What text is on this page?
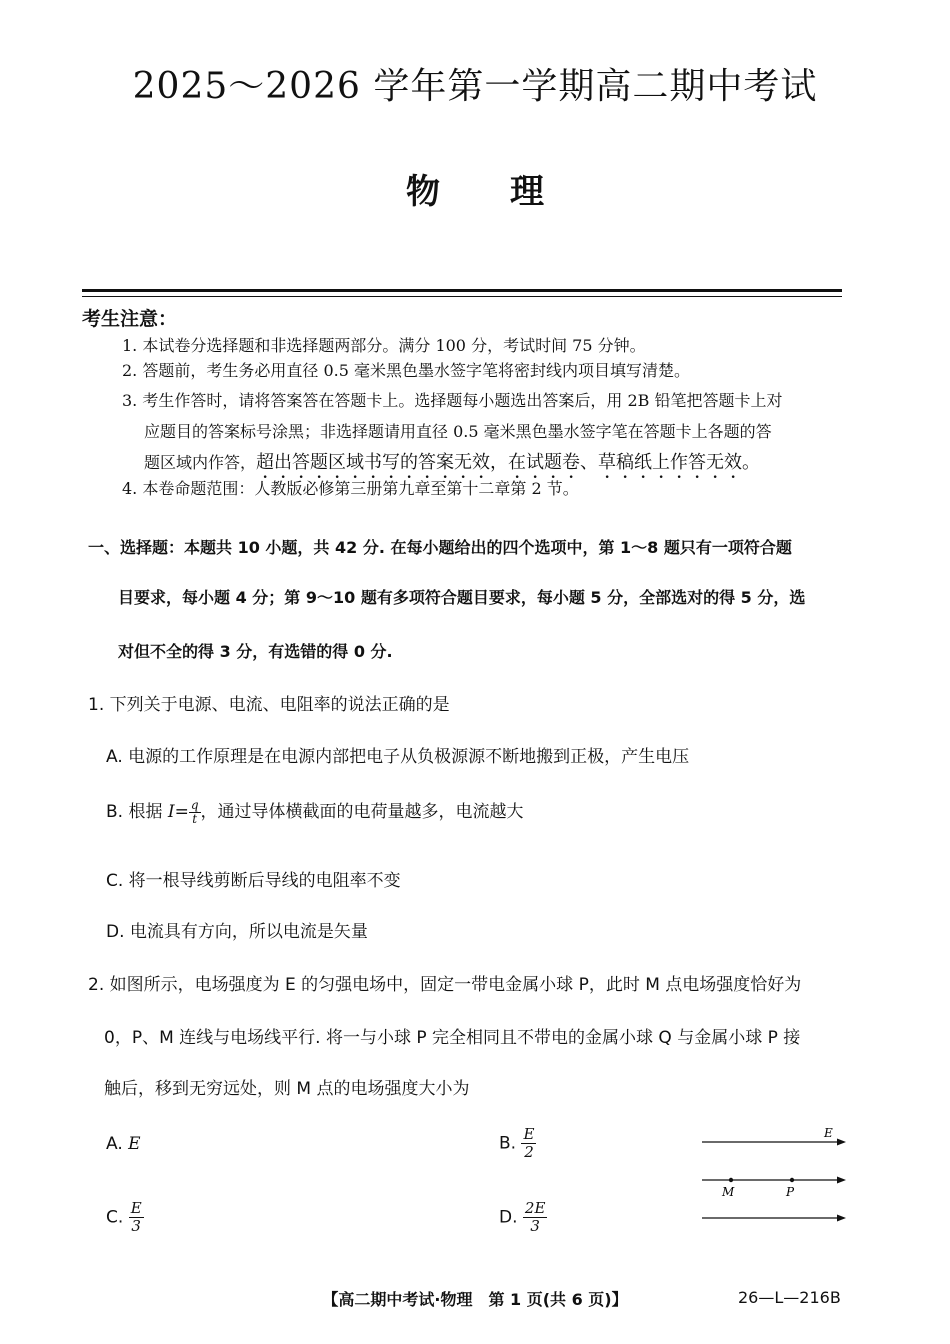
2025～2026 学年第一学期高二期中考试
物理
考生注意：
1. 本试卷分选择题和非选择题两部分。满分 100 分，考试时间 75 分钟。
2. 答题前，考生务必用直径 0.5 毫米黑色墨水签字笔将密封线内项目填写清楚。
3. 考生作答时，请将答案答在答题卡上。选择题每小题选出答案后，用 2B 铅笔把答题卡上对
应题目的答案标号涂黑；非选择题请用直径 0.5 毫米黑色墨水签字笔在答题卡上各题的答
题区域内作答，超出答题区域书写的答案无效，在试题卷、草稿纸上作答无效。
4. 本卷命题范围：人教版必修第三册第九章至第十二章第 2 节。
一、选择题：本题共 10 小题，共 42 分. 在每小题给出的四个选项中，第 1～8 题只有一项符合题
目要求，每小题 4 分；第 9～10 题有多项符合题目要求，每小题 5 分，全部选对的得 5 分，选
对但不全的得 3 分，有选错的得 0 分.
1. 下列关于电源、电流、电阻率的说法正确的是
A. 电源的工作原理是在电源内部把电子从负极源源不断地搬到正极，产生电压
B. 根据 $I= \frac{q}{t}$ ，通过导体横截面的电荷量越多，电流越大
C. 将一根导线剪断后导线的电阻率不变
D. 电流具有方向，所以电流是矢量
2. 如图所示，电场强度为 E 的匀强电场中，固定一带电金属小球 P，此时 M 点电场强度恰好为
0，P、M 连线与电场线平行. 将一与小球 P 完全相同且不带电的金属小球 Q 与金属小球 P 接
触后，移到无穷远处，则 M 点的电场强度大小为
A. E	B. $\frac{E}{2}$
C. $\frac{E}{3}$	D. $\frac{2E}{3}$
E
M	P
【高二期中考试·物理　第 1 页(共 6 页)】	26—L—216B
